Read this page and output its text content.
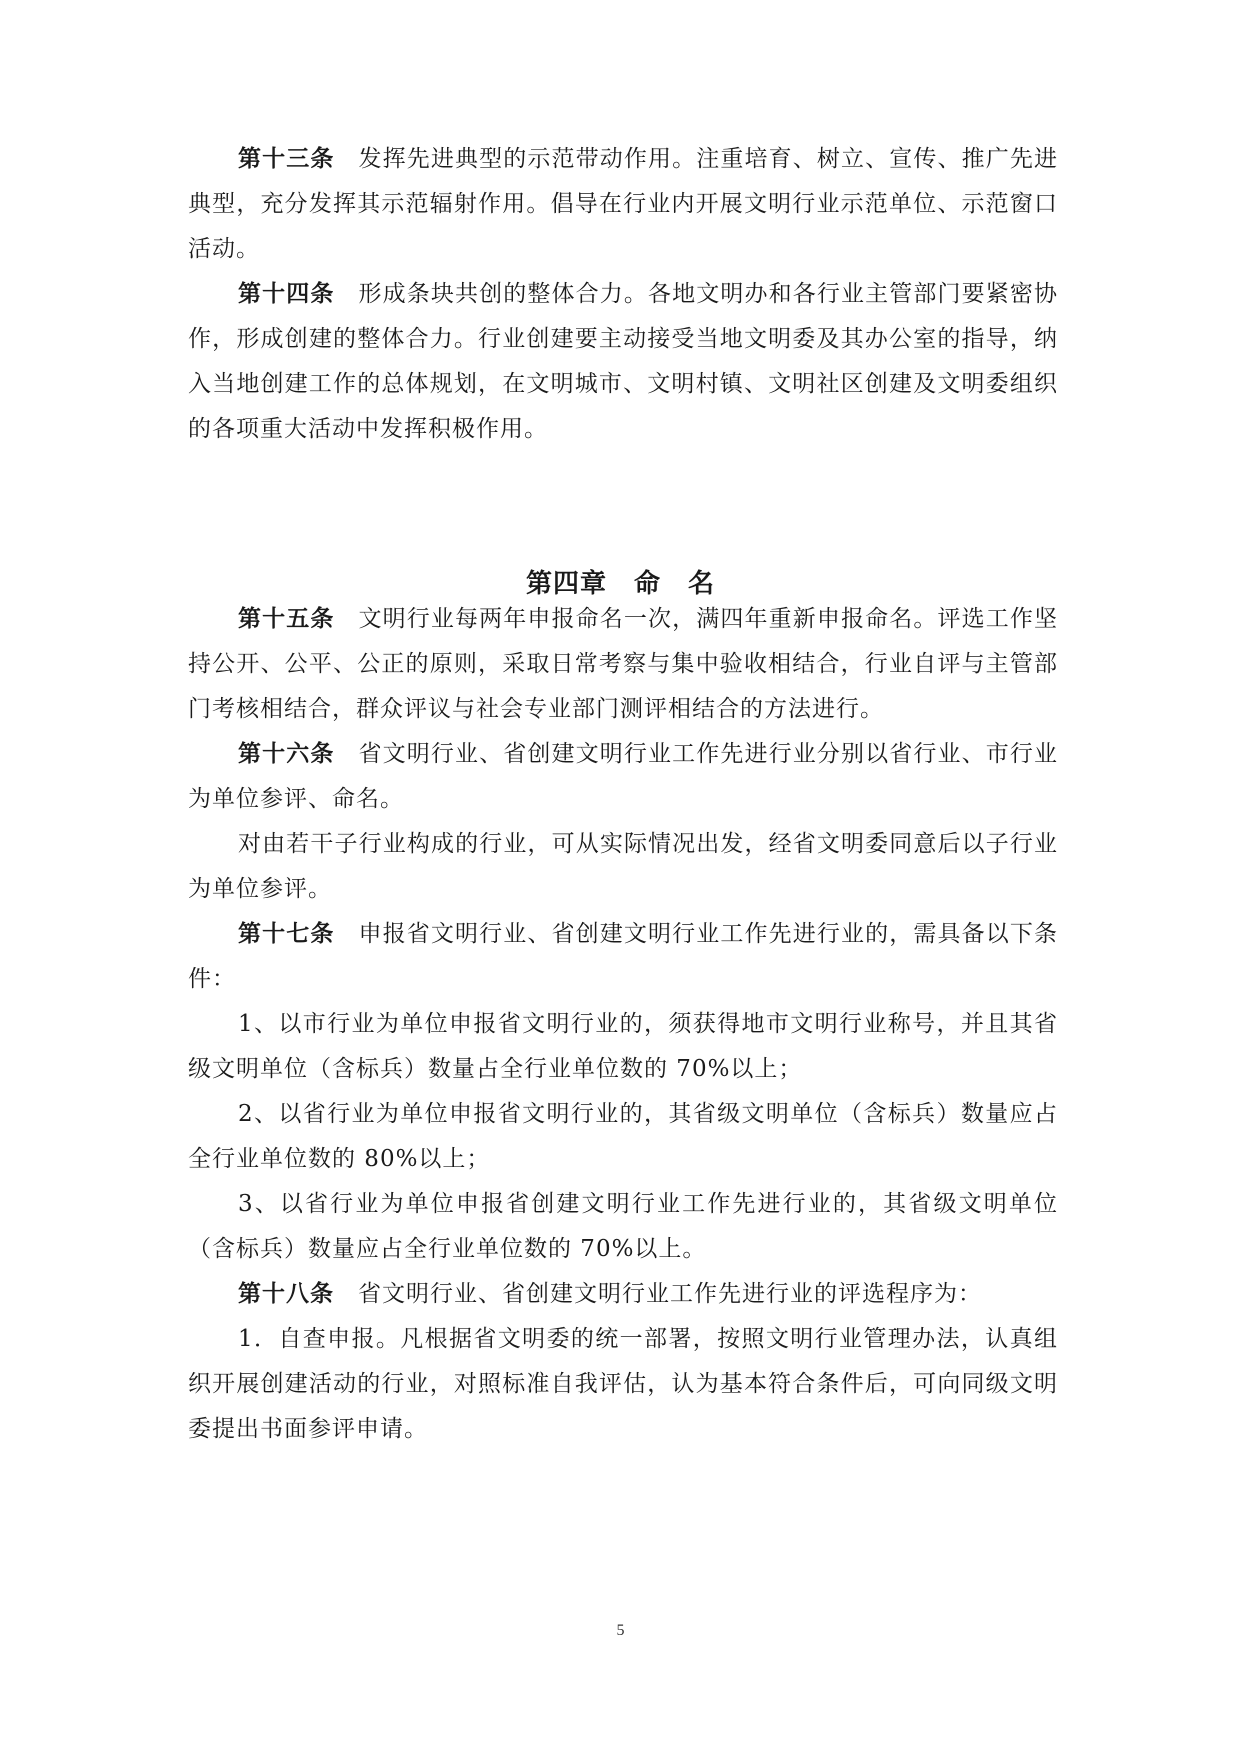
第十三条 发挥先进典型的示范带动作用。注重培育、树立、宣传、推广先进典型，充分发挥其示范辐射作用。倡导在行业内开展文明行业示范单位、示范窗口活动。

第十四条 形成条块共创的整体合力。各地文明办和各行业主管部门要紧密协作，形成创建的整体合力。行业创建要主动接受当地文明委及其办公室的指导，纳入当地创建工作的总体规划，在文明城市、文明村镇、文明社区创建及文明委组织的各项重大活动中发挥积极作用。

第四章　命　名

第十五条 文明行业每两年申报命名一次，满四年重新申报命名。评选工作坚持公开、公平、公正的原则，采取日常考察与集中验收相结合，行业自评与主管部门考核相结合，群众评议与社会专业部门测评相结合的方法进行。

第十六条 省文明行业、省创建文明行业工作先进行业分别以省行业、市行业为单位参评、命名。

对由若干子行业构成的行业，可从实际情况出发，经省文明委同意后以子行业为单位参评。

第十七条 申报省文明行业、省创建文明行业工作先进行业的，需具备以下条件：

1、以市行业为单位申报省文明行业的，须获得地市文明行业称号，并且其省级文明单位（含标兵）数量占全行业单位数的 70%以上；

2、以省行业为单位申报省文明行业的，其省级文明单位（含标兵）数量应占全行业单位数的 80%以上；

3、以省行业为单位申报省创建文明行业工作先进行业的，其省级文明单位（含标兵）数量应占全行业单位数的 70%以上。

第十八条 省文明行业、省创建文明行业工作先进行业的评选程序为：

1．自查申报。凡根据省文明委的统一部署，按照文明行业管理办法，认真组织开展创建活动的行业，对照标准自我评估，认为基本符合条件后，可向同级文明委提出书面参评申请。

5
